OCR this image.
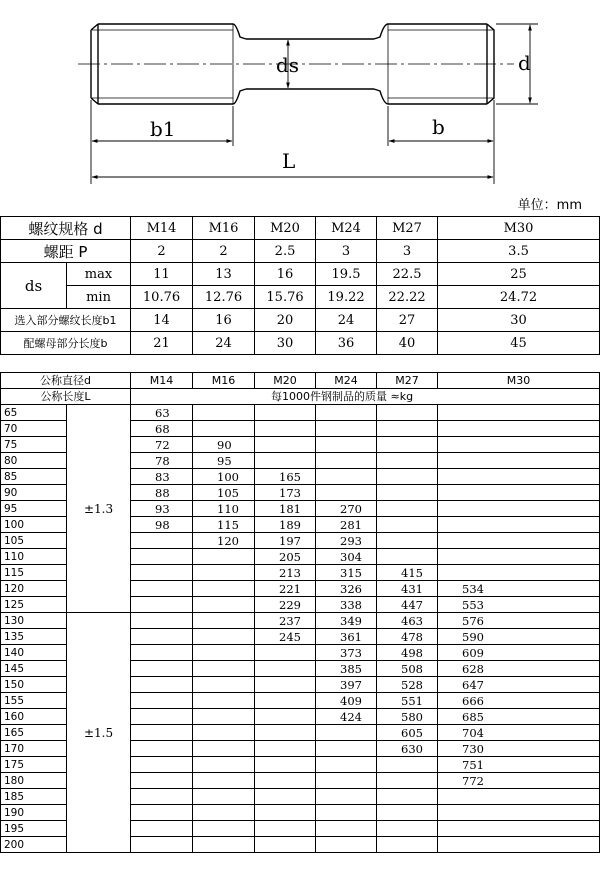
ds	d
b1	b
L
单位：mm
螺纹规格 d		M14	M16	M20	M24	M27	M30	
螺距 P		2	2	2.5	3	3	3.5	
ds	max	11	13	16	19.5	22.5	25	
	min	10.76	12.76	15.76	19.22	22.22	24.72	
选入部分螺纹长度b1		14	16	20	24	27	30	
配螺母部分长度b		21	24	30	36	40	45	
公称直径d		M14	M16	M20	M24	M27	M30	
公称长度L		每1000件钢制品的质量 ≈kg						
65	±1.3	63						
70		68						
75		72	90					
80		78	95					
85		83	100	165				
90		88	105	173				
95		93	110	181	270			
100		98	115	189	281			
105			120	197	293			
110				205	304			
115				213	315	415		
120				221	326	431	534	
125				229	338	447	553	
130	±1.5			237	349	463	576	
135				245	361	478	590	
140					373	498	609	
145					385	508	628	
150					397	528	647	
155					409	551	666	
160					424	580	685	
165						605	704	
170						630	730	
175							751	
180							772	
185							
190							
195							
200							
